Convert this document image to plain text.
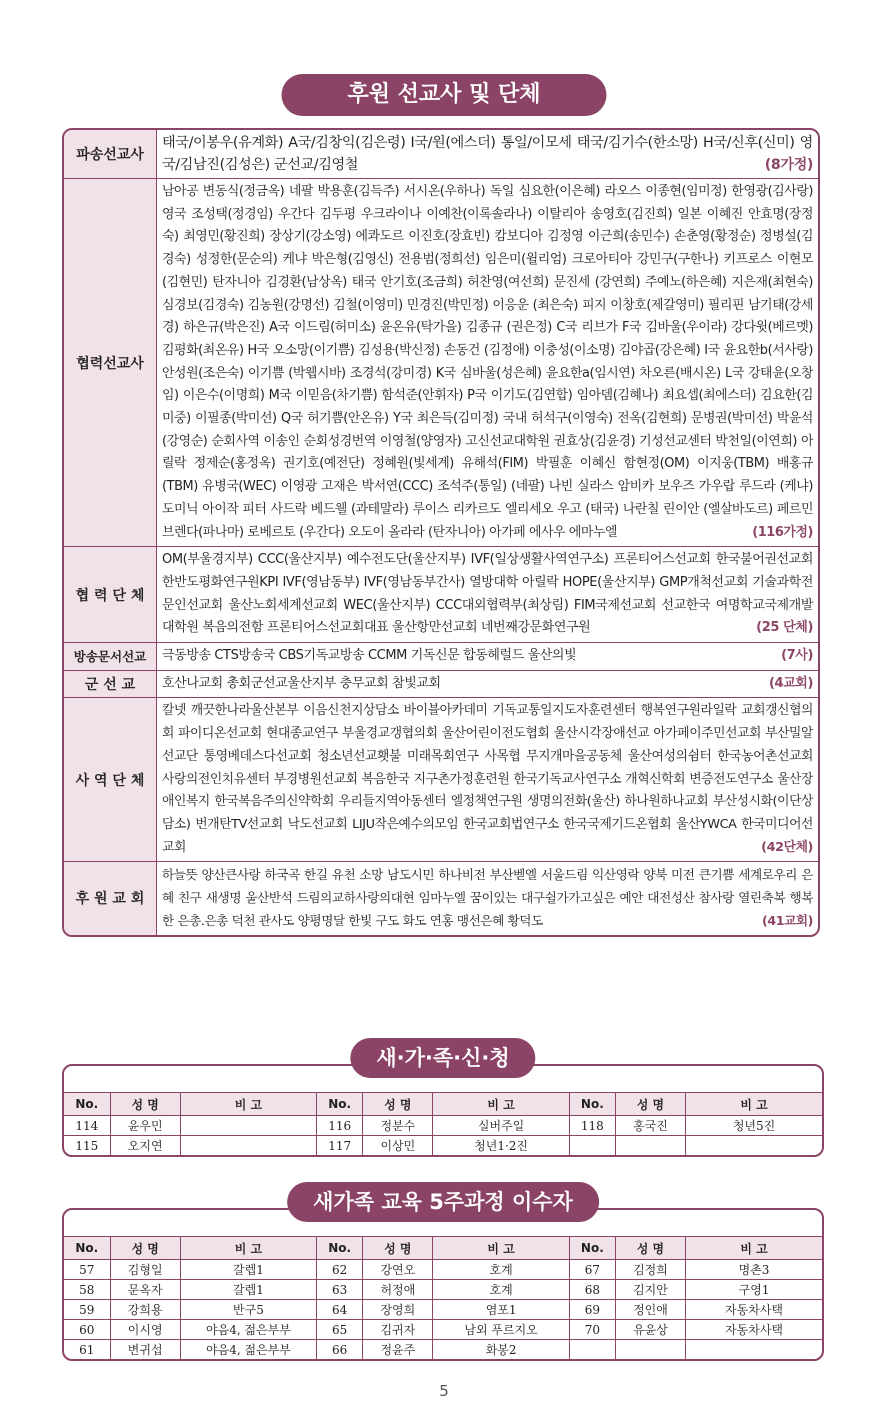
후원 선교사 및 단체
파송선교사	태국/이봉우(유계화) A국/김창익(김은령) I국/원(에스더) 통일/이모세 태국/김기수(한소망) H국/신후(신미) 영국/김남진(김성은) 군선교/김영철 (8가정)

협력선교사	남아공 변동식(정금옥) 네팔 박용훈(김득주) 서시온(우하나) 독일 심요한(이은혜) 라오스 이종현(임미정) 한영광(김사랑) 영국 조성택(정경임) 우간다 김두평 우크라이나 이예찬(이록솔라나) 이탈리아 송영호(김진희) 일본 이혜진 안효명(장정숙) 최영민(황진희) 장상기(강소영) 에콰도르 이진호(장효빈) 캄보디아 김정영 이근희(송민수) 손춘영(황정순) 정병설(김경숙) 성정한(문순의) 케냐 박은형(김영신) 전용범(정희선) 임은미(윌리엄) 크로아티아 강민구(구한나) 키프로스 이현모(김현민) 탄자니아 김경환(남상옥) 태국 안기호(조금희) 허찬영(여선희) 문진세 (강연희) 주예노(하은혜) 지은재(최현숙) 심경보(김경숙) 김농원(강명선) 김철(이영미) 민경진(박민정) 이응운 (최은숙) 피지 이창호(제갈영미) 필리핀 남기태(강세경) 하은규(박은진) A국 이드림(허미소) 윤온유(탁가을) 김종규 (권은정) C국 리브가 F국 김바울(우이라) 강다윗(베르멧) 김평화(최온유) H국 오소망(이기쁨) 김성용(박신정) 손동건 (김정애) 이충성(이소명) 김야곱(강은혜) I국 윤요한b(서사랑) 안성원(조은숙) 이기쁨 (박웹시바) 조경석(강미경) K국 심바울(성은혜) 윤요한a(임시연) 차오른(배시온) L국 강태윤(오창임) 이은수(이명희) M국 이믿음(차기쁨) 함석준(안휘자) P국 이기도(김연합) 임아뎀(김혜나) 최요셉(최에스더) 김요한(김미중) 이필종(박미선) Q국 허기쁨(안온유) Y국 최은득(김미정) 국내 허석구(이영숙) 전옥(김현희) 문병권(박미선) 박윤석(강영순) 순회사역 이송인 순회성경번역 이영철(양영자) 고신선교대학원 권효상(김윤경) 기성선교센터 박천일(이연희) 아릴락 정제순(홍정옥) 권기호(예전단) 정혜원(빛세계) 유해석(FIM) 박필훈 이혜신 함현정(OM) 이지웅(TBM) 배홍규 (TBM) 유병국(WEC) 이영광 고재은 박서연(CCC) 조석주(통일) (네팔) 나빈 실라스 암비카 보우즈 가우랍 루드라 (케냐) 도미닉 아이작 피터 사드락 베드웰 (과테말라) 루이스 리카르도 엘리세오 우고 (태국) 나란칠 린이안 (엘살바도르) 페르민 브렌다(파나마) 로베르토 (우간다) 오도이 올라라 (탄자니아) 아가페 에사우 에마누엘 (116가정)

협 력 단 체	OM(부울경지부) CCC(울산지부) 예수전도단(울산지부) IVF(일상생활사역연구소) 프론티어스선교회 한국불어권선교회 한반도평화연구원KPI IVF(영남동부) IVF(영남동부간사) 열방대학 아릴락 HOPE(울산지부) GMP개척선교회 기술과학전문인선교회 울산노회세계선교회 WEC(울산지부) CCC대외협력부(최상림) FIM국제선교회 선교한국 여명학교국제개발대학원 복음의전함 프론티어스선교회대표 울산항만선교회 네번째강문화연구원 (25 단체)

방송문서선교	극동방송 CTS방송국 CBS기독교방송 CCMM 기독신문 합동헤럴드 울산의빛 (7사)

군 선 교	호산나교회 총회군선교울산지부 충무교회 참빛교회 (4교회)

사 역 단 체	칼넷 깨끗한나라울산본부 이음신천지상담소 바이블아카데미 기독교통일지도자훈련센터 행복연구원라일락 교회갱신협의회 파이디온선교회 현대종교연구 부울경교갱협의회 울산어린이전도협회 울산시각장애선교 아가페이주민선교회 부산밀알선교단 통영베데스다선교회 청소년선교횃불 미래목회연구 사목협 무지개마을공동체 울산여성의쉼터 한국농어촌선교회 사랑의전인치유센터 부경병원선교회 복음한국 지구촌가정훈련원 한국기독교사연구소 개혁신학회 변증전도연구소 울산장애인복지 한국복음주의신약학회 우리들지역아동센터 엘정책연구원 생명의전화(울산) 하나원하나교회 부산성시화(이단상담소) 번개탄TV선교회 낙도선교회 LIJU작은예수의모임 한국교회법연구소 한국국제기드온협회 울산YWCA 한국미디어선교회 (42단체)

후 원 교 회	하늘뜻 양산큰사랑 하국곡 한길 유천 소망 남도시민 하나비전 부산벧엘 서울드림 익산영락 양북 미전 큰기쁨 세계로우리 은혜 친구 새생명 울산반석 드림의교하사랑의대현 임마누엘 꿈이있는 대구쉴가가고싶은 예안 대전성산 참사랑 열린축복 행복한 은총.은총 덕천 관사도 양평명달 한빛 구도 화도 연홍 맹선은혜 황덕도 (41교회)
새·가·족·신·청
No.	성 명	비 고	No.	성 명	비 고	No.	성 명	비 고
114	윤우민		116	정분수	실버주일	118	홍국진	청년5진
115	오지연		117	이상민	청년1·2진			
새가족 교육 5주과정 이수자
No.	성 명	비 고	No.	성 명	비 고	No.	성 명	비 고
57	김형일	갈렙1	62	강연오	호계	67	김정희	명촌3
58	문옥자	갈렙1	63	허정애	호계	68	김지안	구영1
59	강희용	반구5	64	장영희	염포1	69	정인애	자동차사택
60	이시영	야음4, 젊은부부	65	김귀자	남외 푸르지오	70	유윤상	자동차사택
61	변귀섭	야음4, 젊은부부	66	정윤주	화봉2			
5
